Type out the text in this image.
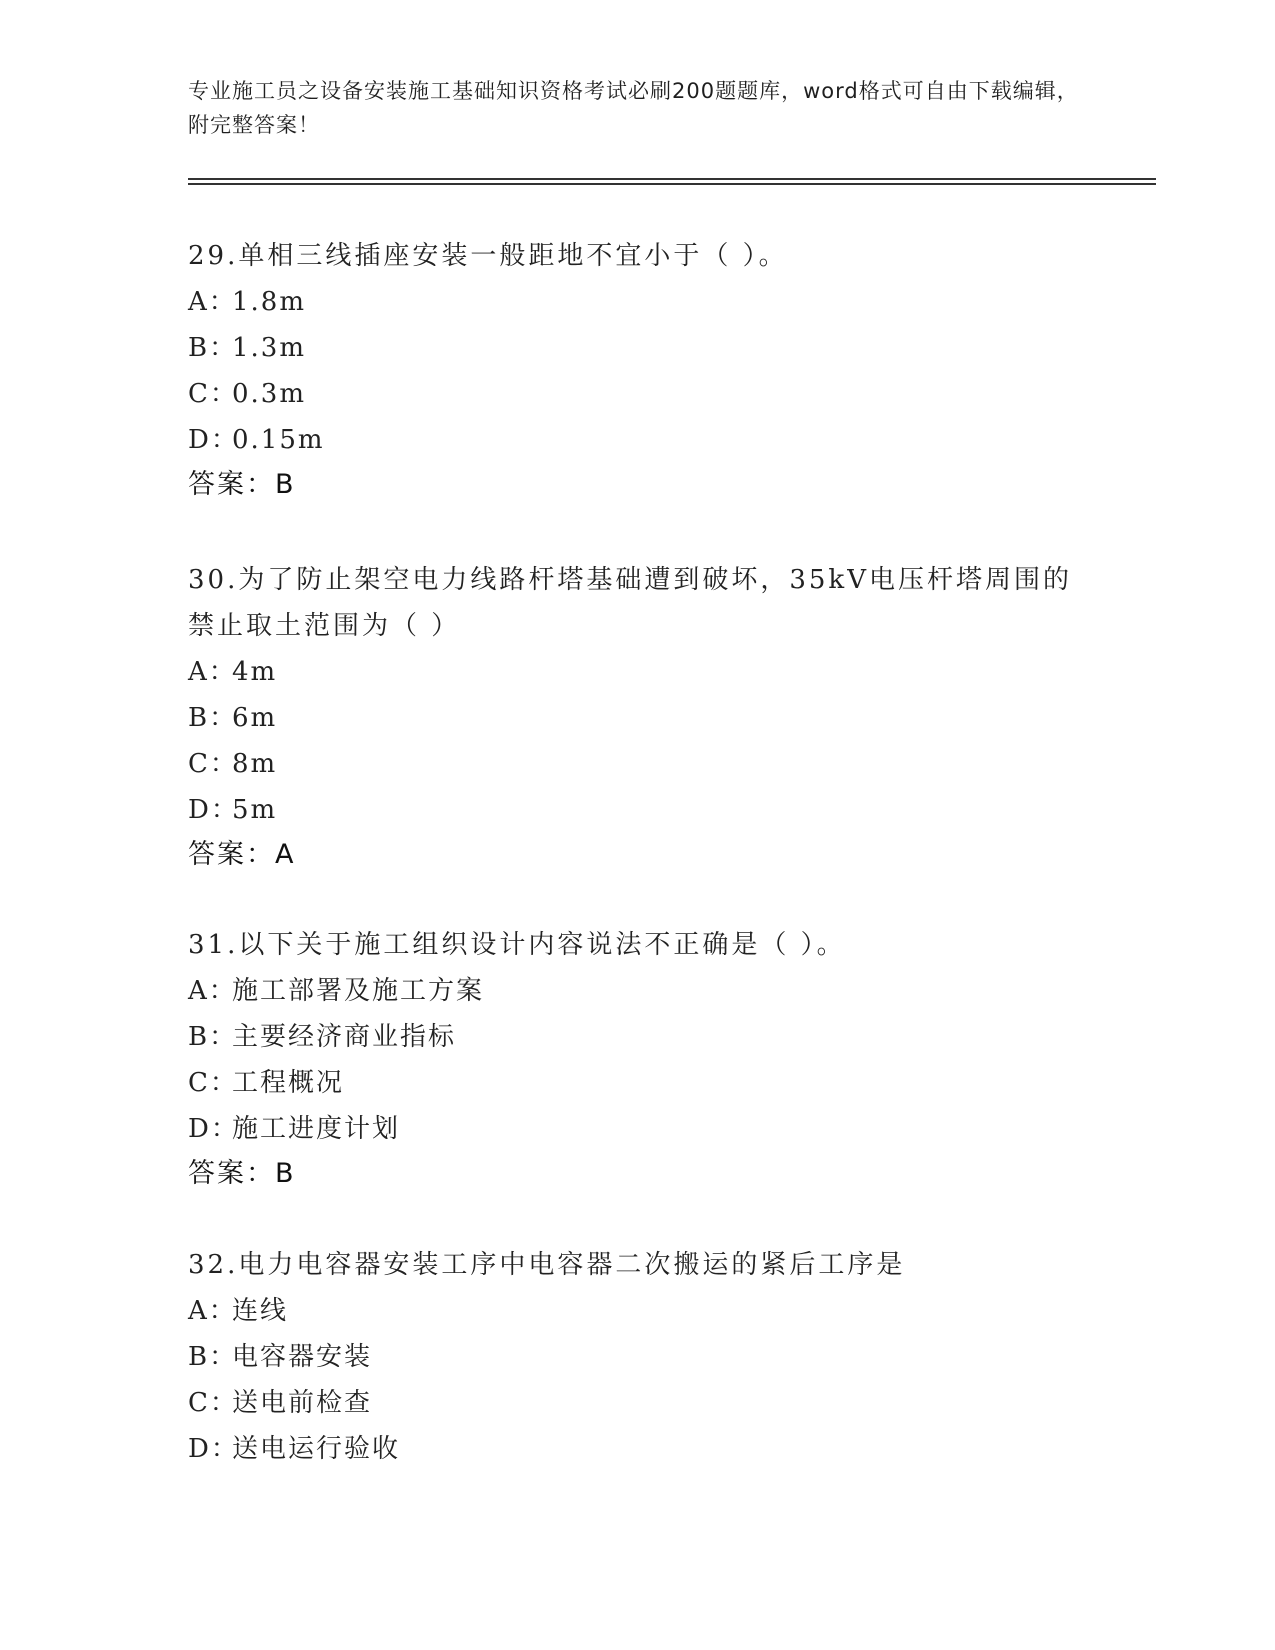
专业施工员之设备安装施工基础知识资格考试必刷200题题库，word格式可自由下载编辑，附完整答案！

29.单相三线插座安装一般距地不宜小于（ ）。

A：
1.8m
B：
1.3m
C：
0.3m
D：
0.15m
答案：B

30.为了防止架空电力线路杆塔基础遭到破坏，35kV电压杆塔周围的禁止取土范围为（ ）

A：
4m
B：
6m
C：
8m
D：
5m
答案：A

31.以下关于施工组织设计内容说法不正确是（ ）。

A：
施工部署及施工方案
B：
主要经济商业指标
C：
工程概况
D：
施工进度计划
答案：B

32.电力电容器安装工序中电容器二次搬运的紧后工序是

A：
连线
B：
电容器安装
C：
送电前检查
D：
送电运行验收
